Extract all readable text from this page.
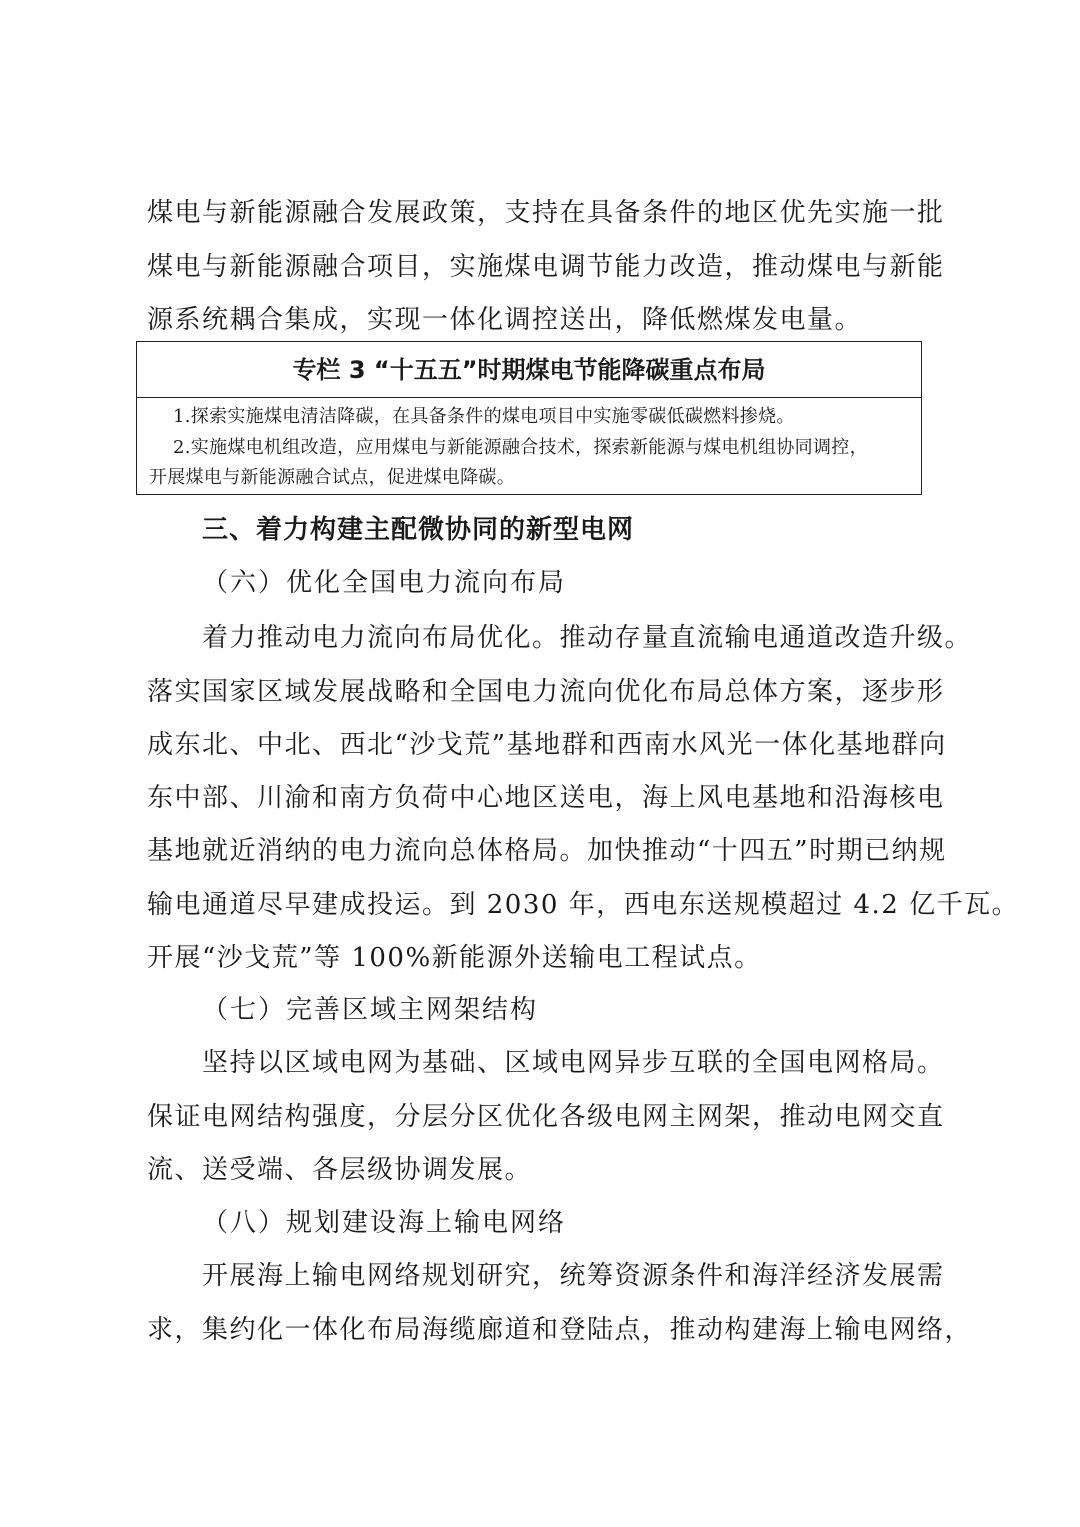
煤电与新能源融合发展政策，支持在具备条件的地区优先实施一批
煤电与新能源融合项目，实施煤电调节能力改造，推动煤电与新能
源系统耦合集成，实现一体化调控送出，降低燃煤发电量。
专栏 3 “十五五”时期煤电节能降碳重点布局
1.探索实施煤电清洁降碳，在具备条件的煤电项目中实施零碳低碳燃料掺烧。
2.实施煤电机组改造，应用煤电与新能源融合技术，探索新能源与煤电机组协同调控，
开展煤电与新能源融合试点，促进煤电降碳。
三、着力构建主配微协同的新型电网
（六）优化全国电力流向布局
着力推动电力流向布局优化。推动存量直流输电通道改造升级。
落实国家区域发展战略和全国电力流向优化布局总体方案，逐步形
成东北、中北、西北“沙戈荒”基地群和西南水风光一体化基地群向
东中部、川渝和南方负荷中心地区送电，海上风电基地和沿海核电
基地就近消纳的电力流向总体格局。加快推动“十四五”时期已纳规
输电通道尽早建成投运。到 2030 年，西电东送规模超过 4.2 亿千瓦。
开展“沙戈荒”等 100%新能源外送输电工程试点。
（七）完善区域主网架结构
坚持以区域电网为基础、区域电网异步互联的全国电网格局。
保证电网结构强度，分层分区优化各级电网主网架，推动电网交直
流、送受端、各层级协调发展。
（八）规划建设海上输电网络
开展海上输电网络规划研究，统筹资源条件和海洋经济发展需
求，集约化一体化布局海缆廊道和登陆点，推动构建海上输电网络，
